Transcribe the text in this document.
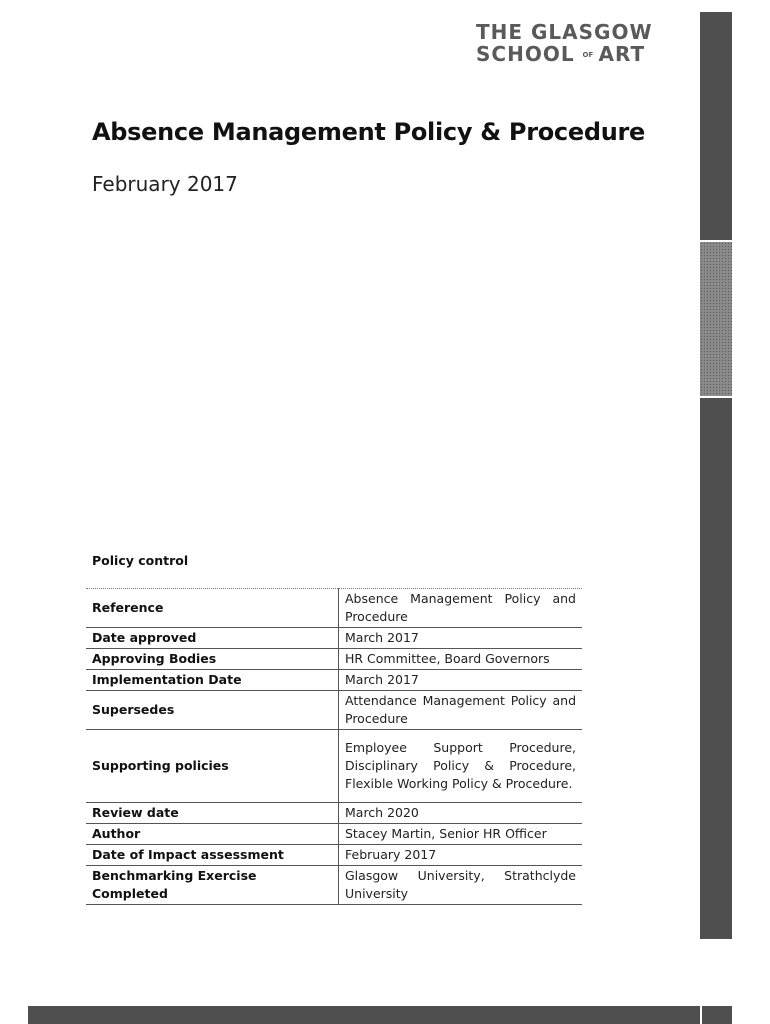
THE GLASGOW
SCHOOL OF ART
Absence Management Policy & Procedure
February 2017
Policy control
Reference	Absence Management Policy and Procedure
Date approved	March 2017
Approving Bodies	HR Committee, Board Governors
Implementation Date	March 2017
Supersedes	Attendance Management Policy and Procedure
Supporting policies	Employee Support Procedure, Disciplinary Policy & Procedure, Flexible Working Policy & Procedure.
Review date	March 2020
Author	Stacey Martin, Senior HR Officer
Date of Impact assessment	February 2017
Benchmarking Exercise Completed	Glasgow University, Strathclyde University
